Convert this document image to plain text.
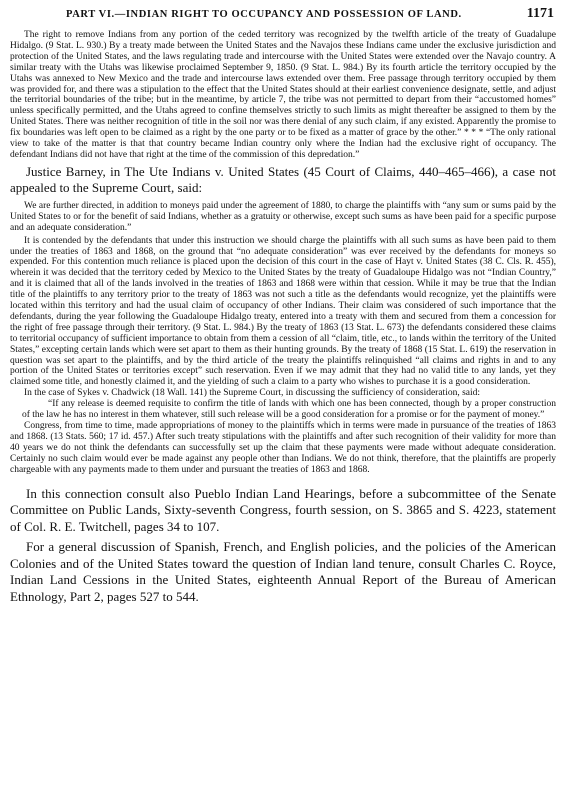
PART VI.—INDIAN RIGHT TO OCCUPANCY AND POSSESSION OF LAND.	1171

The right to remove Indians from any portion of the ceded territory was recognized by the twelfth article of the treaty of Guadalupe Hidalgo. (9 Stat. L. 930.) By a treaty made between the United States and the Navajos these Indians came under the exclusive jurisdiction and protection of the United States, and the laws regulating trade and intercourse with the United States were extended over the Navajo country. A similar treaty with the Utahs was likewise proclaimed September 9, 1850. (9 Stat. L. 984.) By its fourth article the territory occupied by the Utahs was annexed to New Mexico and the trade and intercourse laws extended over them. Free passage through territory occupied by them was provided for, and there was a stipulation to the effect that the United States should at their earliest convenience designate, settle, and adjust the territorial boundaries of the tribe; but in the meantime, by article 7, the tribe was not permitted to depart from their “accustomed homes” unless specifically permitted, and the Utahs agreed to confine themselves strictly to such limits as might thereafter be assigned to them by the United States. There was neither recognition of title in the soil nor was there denial of any such claim, if any existed. Apparently the promise to fix boundaries was left open to be claimed as a right by the one party or to be fixed as a matter of grace by the other.” * * * “The only rational view to take of the matter is that that country became Indian country only where the Indian had the exclusive right of occupancy. The defendant Indians did not have that right at the time of the commission of this depredation.”

Justice Barney, in The Ute Indians v. United States (45 Court of Claims, 440–465–466), a case not appealed to the Supreme Court, said:

We are further directed, in addition to moneys paid under the agreement of 1880, to charge the plaintiffs with “any sum or sums paid by the United States to or for the benefit of said Indians, whether as a gratuity or otherwise, except such sums as have been paid for a specific purpose and an adequate consideration.”

It is contended by the defendants that under this instruction we should charge the plaintiffs with all such sums as have been paid to them under the treaties of 1863 and 1868, on the ground that “no adequate consideration” was ever received by the defendants for moneys so expended. For this contention much reliance is placed upon the decision of this court in the case of Hayt v. United States (38 C. Cls. R. 455), wherein it was decided that the territory ceded by Mexico to the United States by the treaty of Guadaloupe Hidalgo was not “Indian Country,” and it is claimed that all of the lands involved in the treaties of 1863 and 1868 were within that cession. While it may be true that the Indian title of the plaintiffs to any territory prior to the treaty of 1863 was not such a title as the defendants would recognize, yet the plaintiffs were located within this territory and had the usual claim of occupancy of other Indians. Their claim was considered of such importance that the defendants, during the year following the Guadaloupe Hidalgo treaty, entered into a treaty with them and secured from them a concession for the right of free passage through their territory. (9 Stat. L. 984.) By the treaty of 1863 (13 Stat. L. 673) the defendants considered these claims to territorial occupancy of sufficient importance to obtain from them a cession of all “claim, title, etc., to lands within the territory of the United States,” excepting certain lands which were set apart to them as their hunting grounds. By the treaty of 1868 (15 Stat. L. 619) the reservation in question was set apart to the plaintiffs, and by the third article of the treaty the plaintiffs relinquished “all claims and rights in and to any portion of the United States or territories except” such reservation. Even if we may admit that they had no valid title to any lands, yet they claimed some title, and honestly claimed it, and the yielding of such a claim to a party who wishes to purchase it is a good consideration.

In the case of Sykes v. Chadwick (18 Wall. 141) the Supreme Court, in discussing the sufficiency of consideration, said:

“If any release is deemed requisite to confirm the title of lands with which one has been connected, though by a proper construction of the law he has no interest in them whatever, still such release will be a good consideration for a promise or for the payment of money.”

Congress, from time to time, made appropriations of money to the plaintiffs which in terms were made in pursuance of the treaties of 1863 and 1868. (13 Stats. 560; 17 id. 457.) After such treaty stipulations with the plaintiffs and after such recognition of their validity for more than 40 years we do not think the defendants can successfully set up the claim that these payments were made without adequate consideration. Certainly no such claim would ever be made against any people other than Indians. We do not think, therefore, that the plaintiffs are properly chargeable with any payments made to them under and pursuant the treaties of 1863 and 1868.

In this connection consult also Pueblo Indian Land Hearings, before a subcommittee of the Senate Committee on Public Lands, Sixty-seventh Congress, fourth session, on S. 3865 and S. 4223, statement of Col. R. E. Twitchell, pages 34 to 107.

For a general discussion of Spanish, French, and English policies, and the policies of the American Colonies and of the United States toward the question of Indian land tenure, consult Charles C. Royce, Indian Land Cessions in the United States, eighteenth Annual Report of the Bureau of American Ethnology, Part 2, pages 527 to 544.
